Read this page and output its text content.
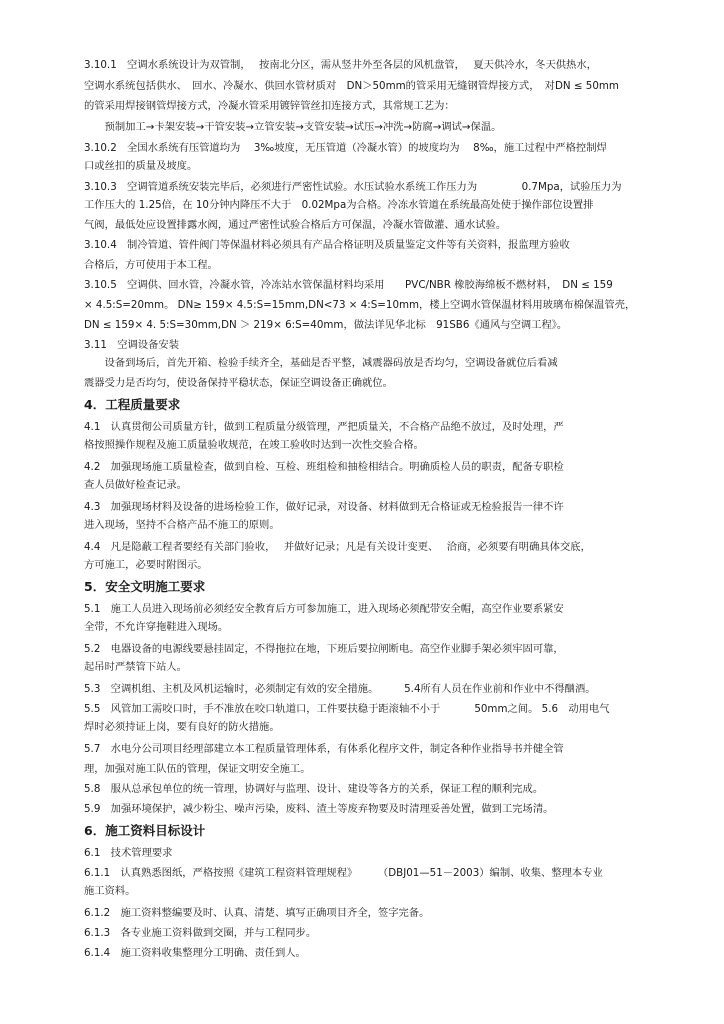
3.10.1　空调水系统设计为双管制，　 按南北分区，需从竖井外至各层的风机盘管，　 夏天供冷水，冬天供热水，
空调水系统包括供水、　回水、冷凝水、供回水管材质对　DN＞50mm的管采用无缝钢管焊接方式，　对DN ≤ 50mm
的管采用焊接钢管焊接方式，冷凝水管采用镀锌管丝扣连接方式，其常规工艺为：
　　预制加工→卡架安装→干管安装→立管安装→支管安装→试压→冲洗→防腐→调试→保温。
3.10.2　全国水系统有压管道均为　 3‰坡度，无压管道（冷凝水管）的坡度均为　 8‰，施工过程中严格控制焊
口或丝扣的质量及坡度。
3.10.3　空调管道系统安装完毕后，必须进行严密性试验。水压试验水系统工作压力为　　　　 0.7Mpa，试验压力为
工作压大的 1.25倍，在 10分钟内降压不大于　0.02Mpa为合格。冷冻水管道在系统最高处使于操作部位设置排
气阀，最低处应设置排露水阀，通过严密性试验合格后方可保温，冷凝水管做灌、通水试验。
3.10.4　制冷管道、管件阀门等保温材料必须具有产品合格证明及质量鉴定文件等有关资料，报监理方验收
合格后，方可使用于本工程。
3.10.5　空调供、回水管，冷凝水管，冷冻站水管保温材料均采用　　PVC/NBR 橡胶海绵板不燃材料，　DN ≤ 159
× 4.5:S=20mm。 DN≥ 159× 4.5:S=15mm,DN<73 × 4:S=10mm，楼上空调水管保温材料用玻璃布棉保温管壳，
DN ≤ 159× 4. 5:S=30mm,DN ＞ 219× 6:S=40mm，做法详见华北标　91SB6《通风与空调工程》。
3.11　空调设备安装
　　设备到场后，首先开箱、检验手续齐全，基础是否平整，减震器码放是否均匀，空调设备就位后看减
震器受力是否均匀，使设备保持平稳状态，保证空调设备正确就位。
4．工程质量要求
4.1　认真贯彻公司质量方针，做到工程质量分级管理，严把质量关，不合格产品绝不放过，及时处理，严
格按照操作规程及施工质量验收规范，在竣工验收时达到一次性交验合格。
4.2　加强现场施工质量检查，做到自检、互检、班组检和抽检相结合。明确质检人员的职责，配备专职检
查人员做好检查记录。
4.3　加强现场材料及设备的进场检验工作，做好记录，对设备、材料做到无合格证或无检验报告一律不许
进入现场，坚持不合格产品不施工的原则。
4.4　凡是隐蔽工程者要经有关部门验收，　 并做好记录；凡是有关设计变更、　 洽商，必须要有明确具体交底，
方可施工，必要时附图示。
5．安全文明施工要求
5.1　施工人员进入现场前必须经安全教育后方可参加施工，进入现场必须配带安全帽，高空作业要系紧安
全带，不允许穿拖鞋进入现场。
5.2　电器设备的电源线要悬挂固定，不得拖拉在地，下班后要拉闸断电。高空作业脚手架必须牢固可靠，
起吊时严禁管下站人。
5.3　空调机组、主机及风机运输时，必须制定有效的安全措施。　　　5.4所有人员在作业前和作业中不得酗酒。
5.5　风管加工需咬口时，手不准放在咬口轨道口，工件要扶稳于距滚轴不小于　　　 50mm之间。 5.6　动用电气
焊时必须持证上岗，要有良好的防火措施。
5.7　水电分公司项目经理部建立本工程质量管理体系，有体系化程序文件，制定各种作业指导书并健全管
理，加强对施工队伍的管理，保证文明安全施工。
5.8　服从总承包单位的统一管理，协调好与监理、设计、建设等各方的关系，保证工程的顺利完成。
5.9　加强环境保护，减少粉尘、噪声污染，废料、渣土等废弃物要及时清理妥善处置，做到工完场清。
6．施工资料目标设计
6.1　技术管理要求
6.1.1　认真熟悉图纸，严格按照《建筑工程资料管理规程》　　　（DBJ01—51－2003）编制、收集、整理本专业
施工资料。
6.1.2　施工资料整编要及时、认真、清楚、填写正确项目齐全，签字完备。
6.1.3　各专业施工资料做到交圈，并与工程同步。
6.1.4　施工资料收集整理分工明确、责任到人。
